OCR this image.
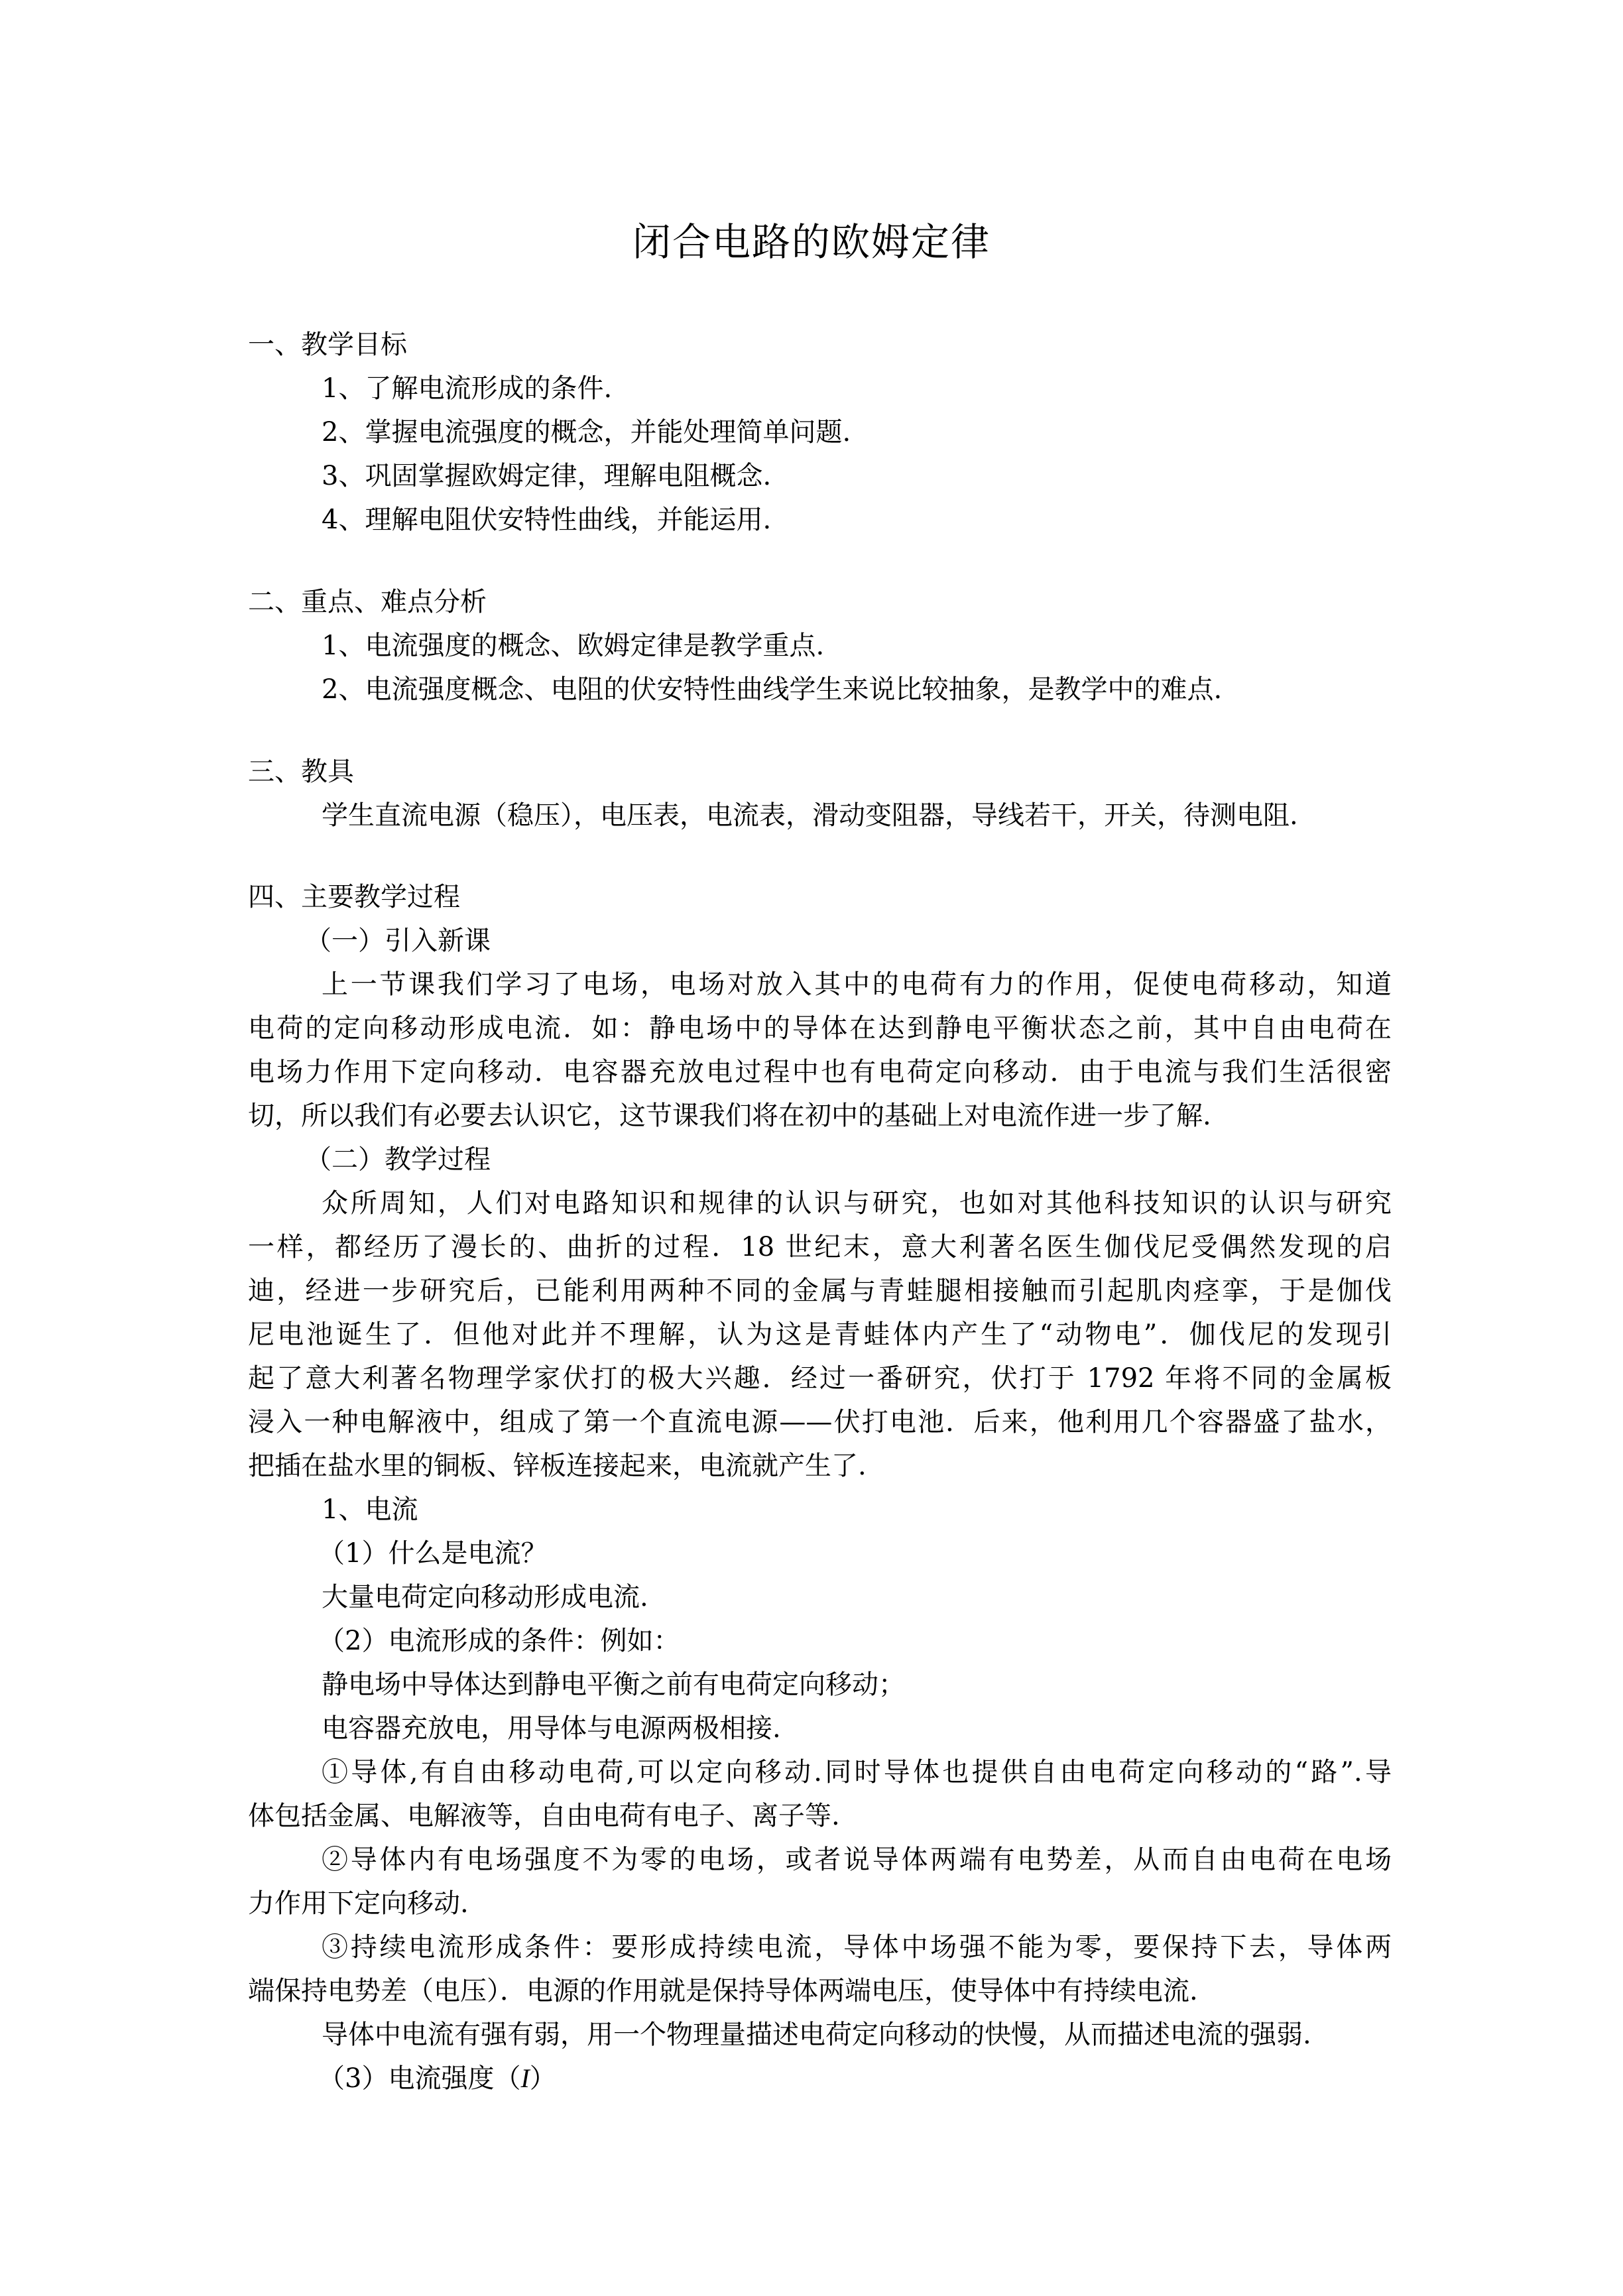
闭合电路的欧姆定律
一、教学目标
1、了解电流形成的条件.
2、掌握电流强度的概念，并能处理简单问题.
3、巩固掌握欧姆定律，理解电阻概念.
4、理解电阻伏安特性曲线，并能运用.
二、重点、难点分析
1、电流强度的概念、欧姆定律是教学重点.
2、电流强度概念、电阻的伏安特性曲线学生来说比较抽象，是教学中的难点.
三、教具
学生直流电源（稳压），电压表，电流表，滑动变阻器，导线若干，开关，待测电阻.
四、主要教学过程
（一）引入新课
上一节课我们学习了电场，电场对放入其中的电荷有力的作用，促使电荷移动，知道
电荷的定向移动形成电流．如：静电场中的导体在达到静电平衡状态之前，其中自由电荷在
电场力作用下定向移动．电容器充放电过程中也有电荷定向移动．由于电流与我们生活很密
切，所以我们有必要去认识它，这节课我们将在初中的基础上对电流作进一步了解.
（二）教学过程
众所周知，人们对电路知识和规律的认识与研究，也如对其他科技知识的认识与研究
一样，都经历了漫长的、曲折的过程．18 世纪末，意大利著名医生伽伐尼受偶然发现的启
迪，经进一步研究后，已能利用两种不同的金属与青蛙腿相接触而引起肌肉痉挛，于是伽伐
尼电池诞生了．但他对此并不理解，认为这是青蛙体内产生了“动物电”．伽伐尼的发现引
起了意大利著名物理学家伏打的极大兴趣．经过一番研究，伏打于 1792 年将不同的金属板
浸入一种电解液中，组成了第一个直流电源——伏打电池．后来，他利用几个容器盛了盐水，
把插在盐水里的铜板、锌板连接起来，电流就产生了.
1、电流
（1）什么是电流？
大量电荷定向移动形成电流.
（2）电流形成的条件：例如：
静电场中导体达到静电平衡之前有电荷定向移动；
电容器充放电，用导体与电源两极相接.
①导体,有自由移动电荷,可以定向移动.同时导体也提供自由电荷定向移动的“路”.导
体包括金属、电解液等，自由电荷有电子、离子等.
②导体内有电场强度不为零的电场，或者说导体两端有电势差，从而自由电荷在电场
力作用下定向移动.
③持续电流形成条件：要形成持续电流，导体中场强不能为零，要保持下去，导体两
端保持电势差（电压）．电源的作用就是保持导体两端电压，使导体中有持续电流.
导体中电流有强有弱，用一个物理量描述电荷定向移动的快慢，从而描述电流的强弱.
（3）电流强度（I）
